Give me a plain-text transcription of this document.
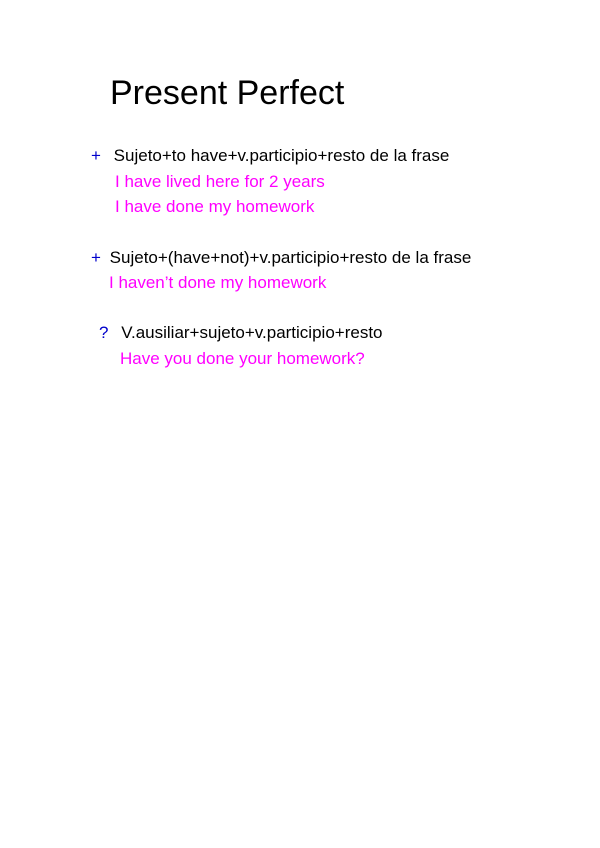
Present Perfect
+ Sujeto+to have+v.participio+resto de la frase
I have lived here for 2 years
I have done my homework
+ Sujeto+(have+not)+v.participio+resto de la frase
I haven’t done my homework
? V.ausiliar+sujeto+v.participio+resto
Have you done your homework?
